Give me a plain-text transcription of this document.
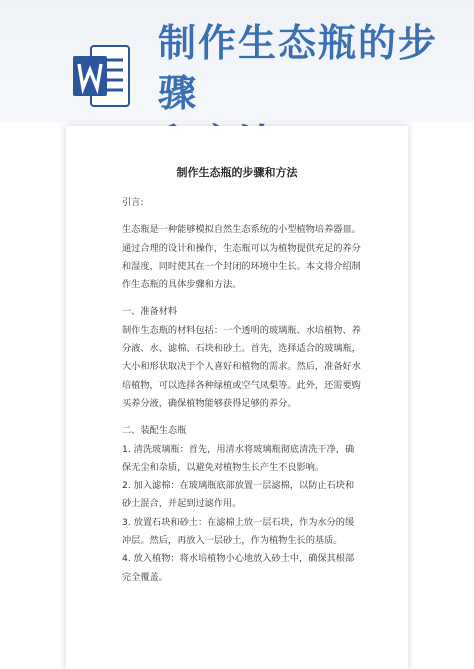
制作生态瓶的步骤
制作生态瓶的步骤和方法

引言:

生态瓶是一种能够模拟自然生态系统的小型植物培养器皿。通过合理的设计和操作，生态瓶可以为植物提供充足的养分和湿度，同时使其在一个封闭的环境中生长。本文将介绍制作生态瓶的具体步骤和方法。

一、准备材料

制作生态瓶的材料包括：一个透明的玻璃瓶、水培植物、养分液、水、滤棉、石块和砂土。首先，选择适合的玻璃瓶，大小和形状取决于个人喜好和植物的需求。然后，准备好水培植物，可以选择各种绿植或空气凤梨等。此外，还需要购买养分液，确保植物能够获得足够的养分。

二、装配生态瓶

1. 清洗玻璃瓶：首先，用清水将玻璃瓶彻底清洗干净，确保无尘和杂质，以避免对植物生长产生不良影响。

2. 加入滤棉：在玻璃瓶底部放置一层滤棉，以防止石块和砂土混合，并起到过滤作用。

3. 放置石块和砂土：在滤棉上放一层石块，作为水分的缓冲层。然后，再放入一层砂土，作为植物生长的基质。

4. 放入植物：将水培植物小心地放入砂土中，确保其根部完全覆盖。
